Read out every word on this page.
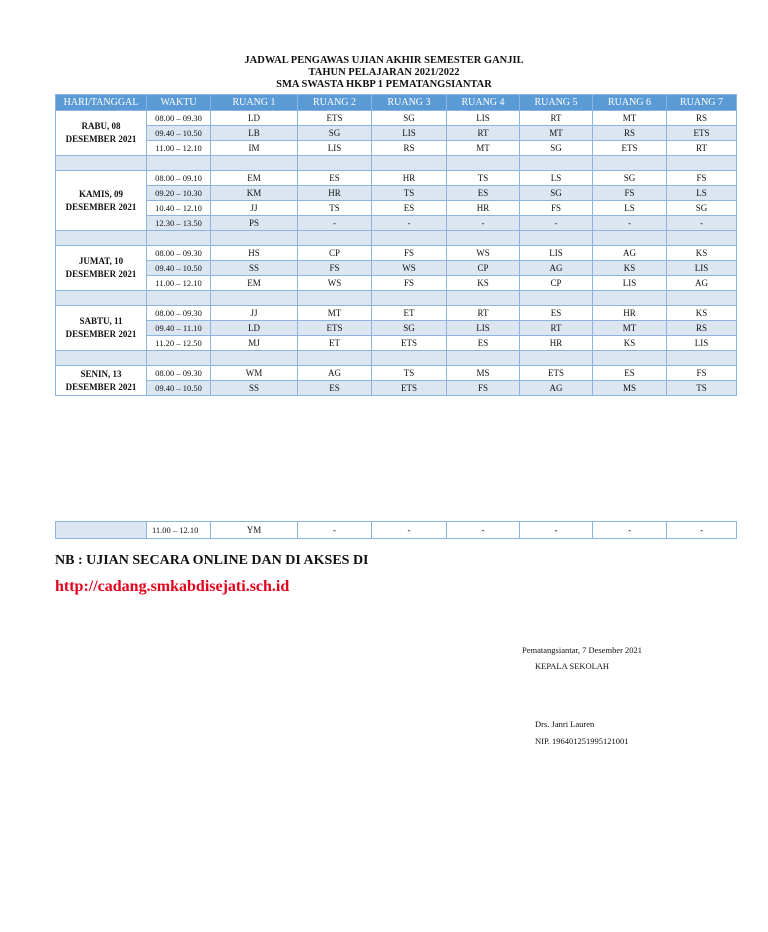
JADWAL PENGAWAS UJIAN AKHIR SEMESTER GANJIL
TAHUN PELAJARAN 2021/2022
SMA SWASTA HKBP 1 PEMATANGSIANTAR
HARI/TANGGAL	WAKTU	RUANG 1	RUANG 2	RUANG 3	RUANG 4	RUANG 5	RUANG 6	RUANG 7

RABU, 08
DESEMBER 2021	08.00 – 09.30	LD	ETS	SG	LIS	RT	MT	RS
	09.40 – 10.50	LB	SG	LIS	RT	MT	RS	ETS
	11.00 – 12.10	IM	LIS	RS	MT	SG	ETS	RT

KAMIS, 09
DESEMBER 2021	08.00 – 09.10	EM	ES	HR	TS	LS	SG	FS
	09.20 – 10.30	KM	HR	TS	ES	SG	FS	LS
	10.40 – 12.10	JJ	TS	ES	HR	FS	LS	SG
	12.30 – 13.50	PS	-	-	-	-	-	-

JUMAT, 10
DESEMBER 2021	08.00 – 09.30	HS	CP	FS	WS	LIS	AG	KS
	09.40 – 10.50	SS	FS	WS	CP	AG	KS	LIS
	11.00 – 12.10	EM	WS	FS	KS	CP	LIS	AG

SABTU, 11
DESEMBER 2021	08.00 – 09.30	JJ	MT	ET	RT	ES	HR	KS
	09.40 – 11.10	LD	ETS	SG	LIS	RT	MT	RS
	11.20 – 12.50	MJ	ET	ETS	ES	HR	KS	LIS

SENIN, 13
DESEMBER 2021	08.00 – 09.30	WM	AG	TS	MS	ETS	ES	FS
	09.40 – 10.50	SS	ES	ETS	FS	AG	MS	TS
	11.00 – 12.10	YM	-	-	-	-	-	-
NB : UJIAN SECARA ONLINE DAN DI AKSES DI
http://cadang.smkabdisejati.sch.id
Pematangsiantar, 7 Desember 2021
KEPALA SEKOLAH
Drs. Janri Lauren
NIP. 196401251995121001
